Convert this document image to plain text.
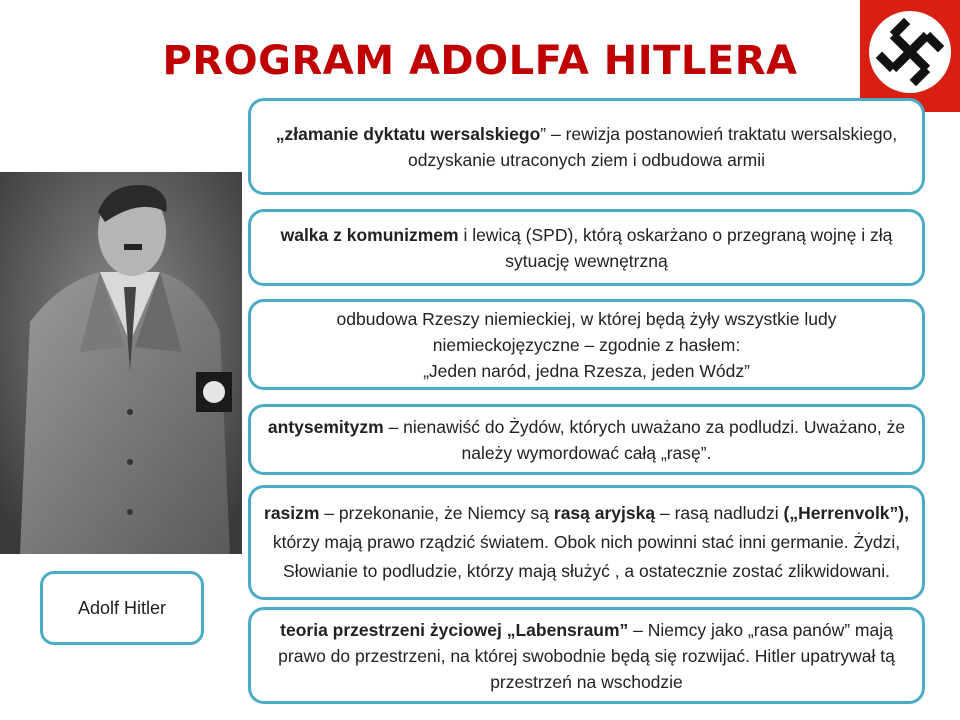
PROGRAM ADOLFA HITLERA
Adolf Hitler
„złamanie dyktatu wersalskiego” – rewizja postanowień traktatu wersalskiego, odzyskanie utraconych ziem i odbudowa armii
walka z komunizmem i lewicą (SPD), którą oskarżano o przegraną wojnę i złą sytuację wewnętrzną
odbudowa Rzeszy niemieckiej, w której będą żyły wszystkie ludy niemieckojęzyczne – zgodnie z hasłem:
„Jeden naród, jedna Rzesza, jeden Wódz”
antysemityzm – nienawiść do Żydów, których uważano za podludzi. Uważano, że należy wymordować całą „rasę”.
rasizm – przekonanie, że Niemcy są rasą aryjską – rasą nadludzi („Herrenvolk”), którzy mają prawo rządzić światem. Obok nich powinni stać inni germanie. Żydzi, Słowianie to podludzie, którzy mają służyć , a ostatecznie zostać zlikwidowani.
teoria przestrzeni życiowej „Labensraum” – Niemcy jako „rasa panów” mają prawo do przestrzeni, na której swobodnie będą się rozwijać. Hitler upatrywał tą przestrzeń na wschodzie
